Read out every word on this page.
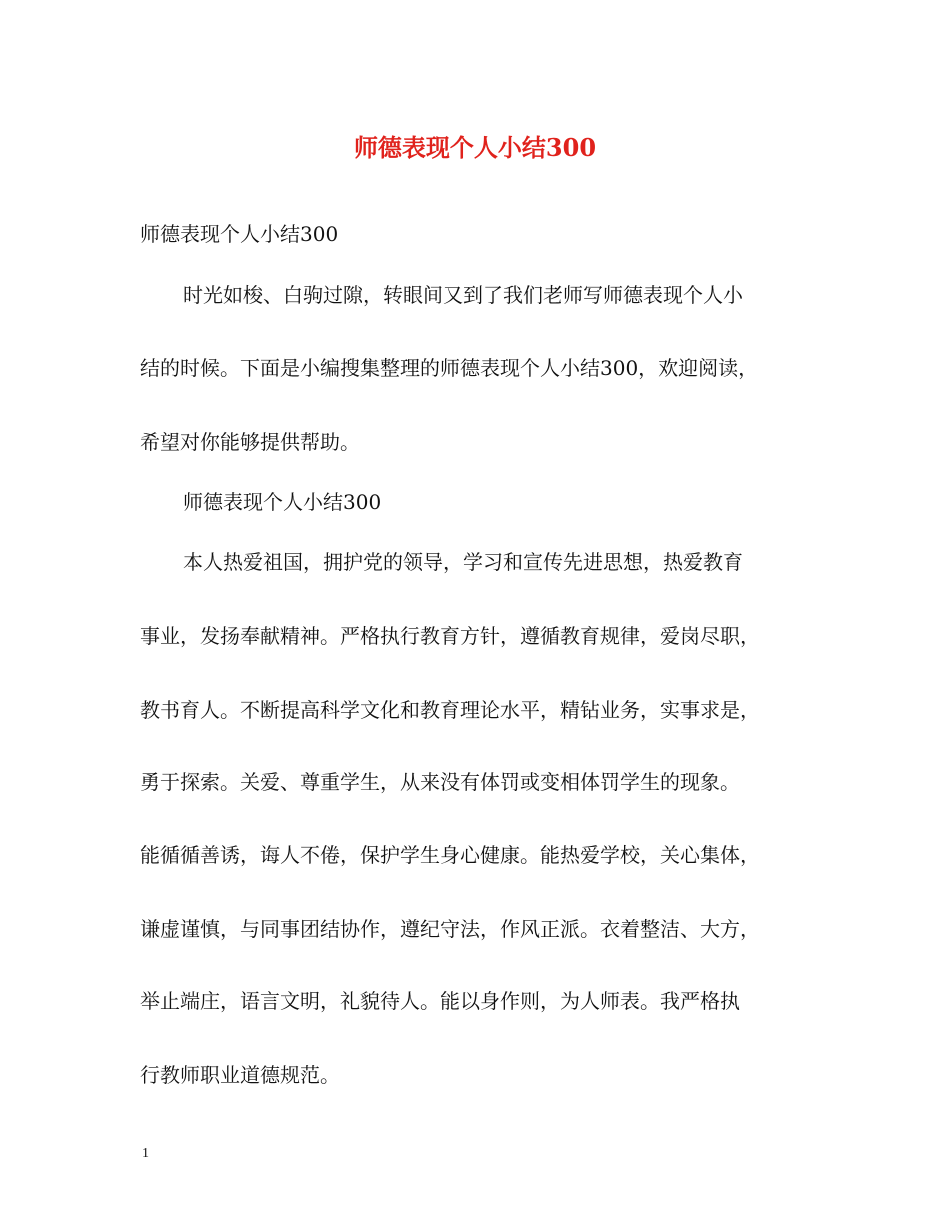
师德表现个人小结300

师德表现个人小结300

时光如梭、白驹过隙，转眼间又到了我们老师写师德表现个人小

结的时候。下面是小编搜集整理的师德表现个人小结300，欢迎阅读，

希望对你能够提供帮助。

师德表现个人小结300

本人热爱祖国，拥护党的领导，学习和宣传先进思想，热爱教育

事业，发扬奉献精神。严格执行教育方针，遵循教育规律，爱岗尽职，

教书育人。不断提高科学文化和教育理论水平，精钻业务，实事求是，

勇于探索。关爱、尊重学生，从来没有体罚或变相体罚学生的现象。

能循循善诱，诲人不倦，保护学生身心健康。能热爱学校，关心集体，

谦虚谨慎，与同事团结协作，遵纪守法，作风正派。衣着整洁、大方，

举止端庄，语言文明，礼貌待人。能以身作则，为人师表。我严格执

行教师职业道德规范。

1
